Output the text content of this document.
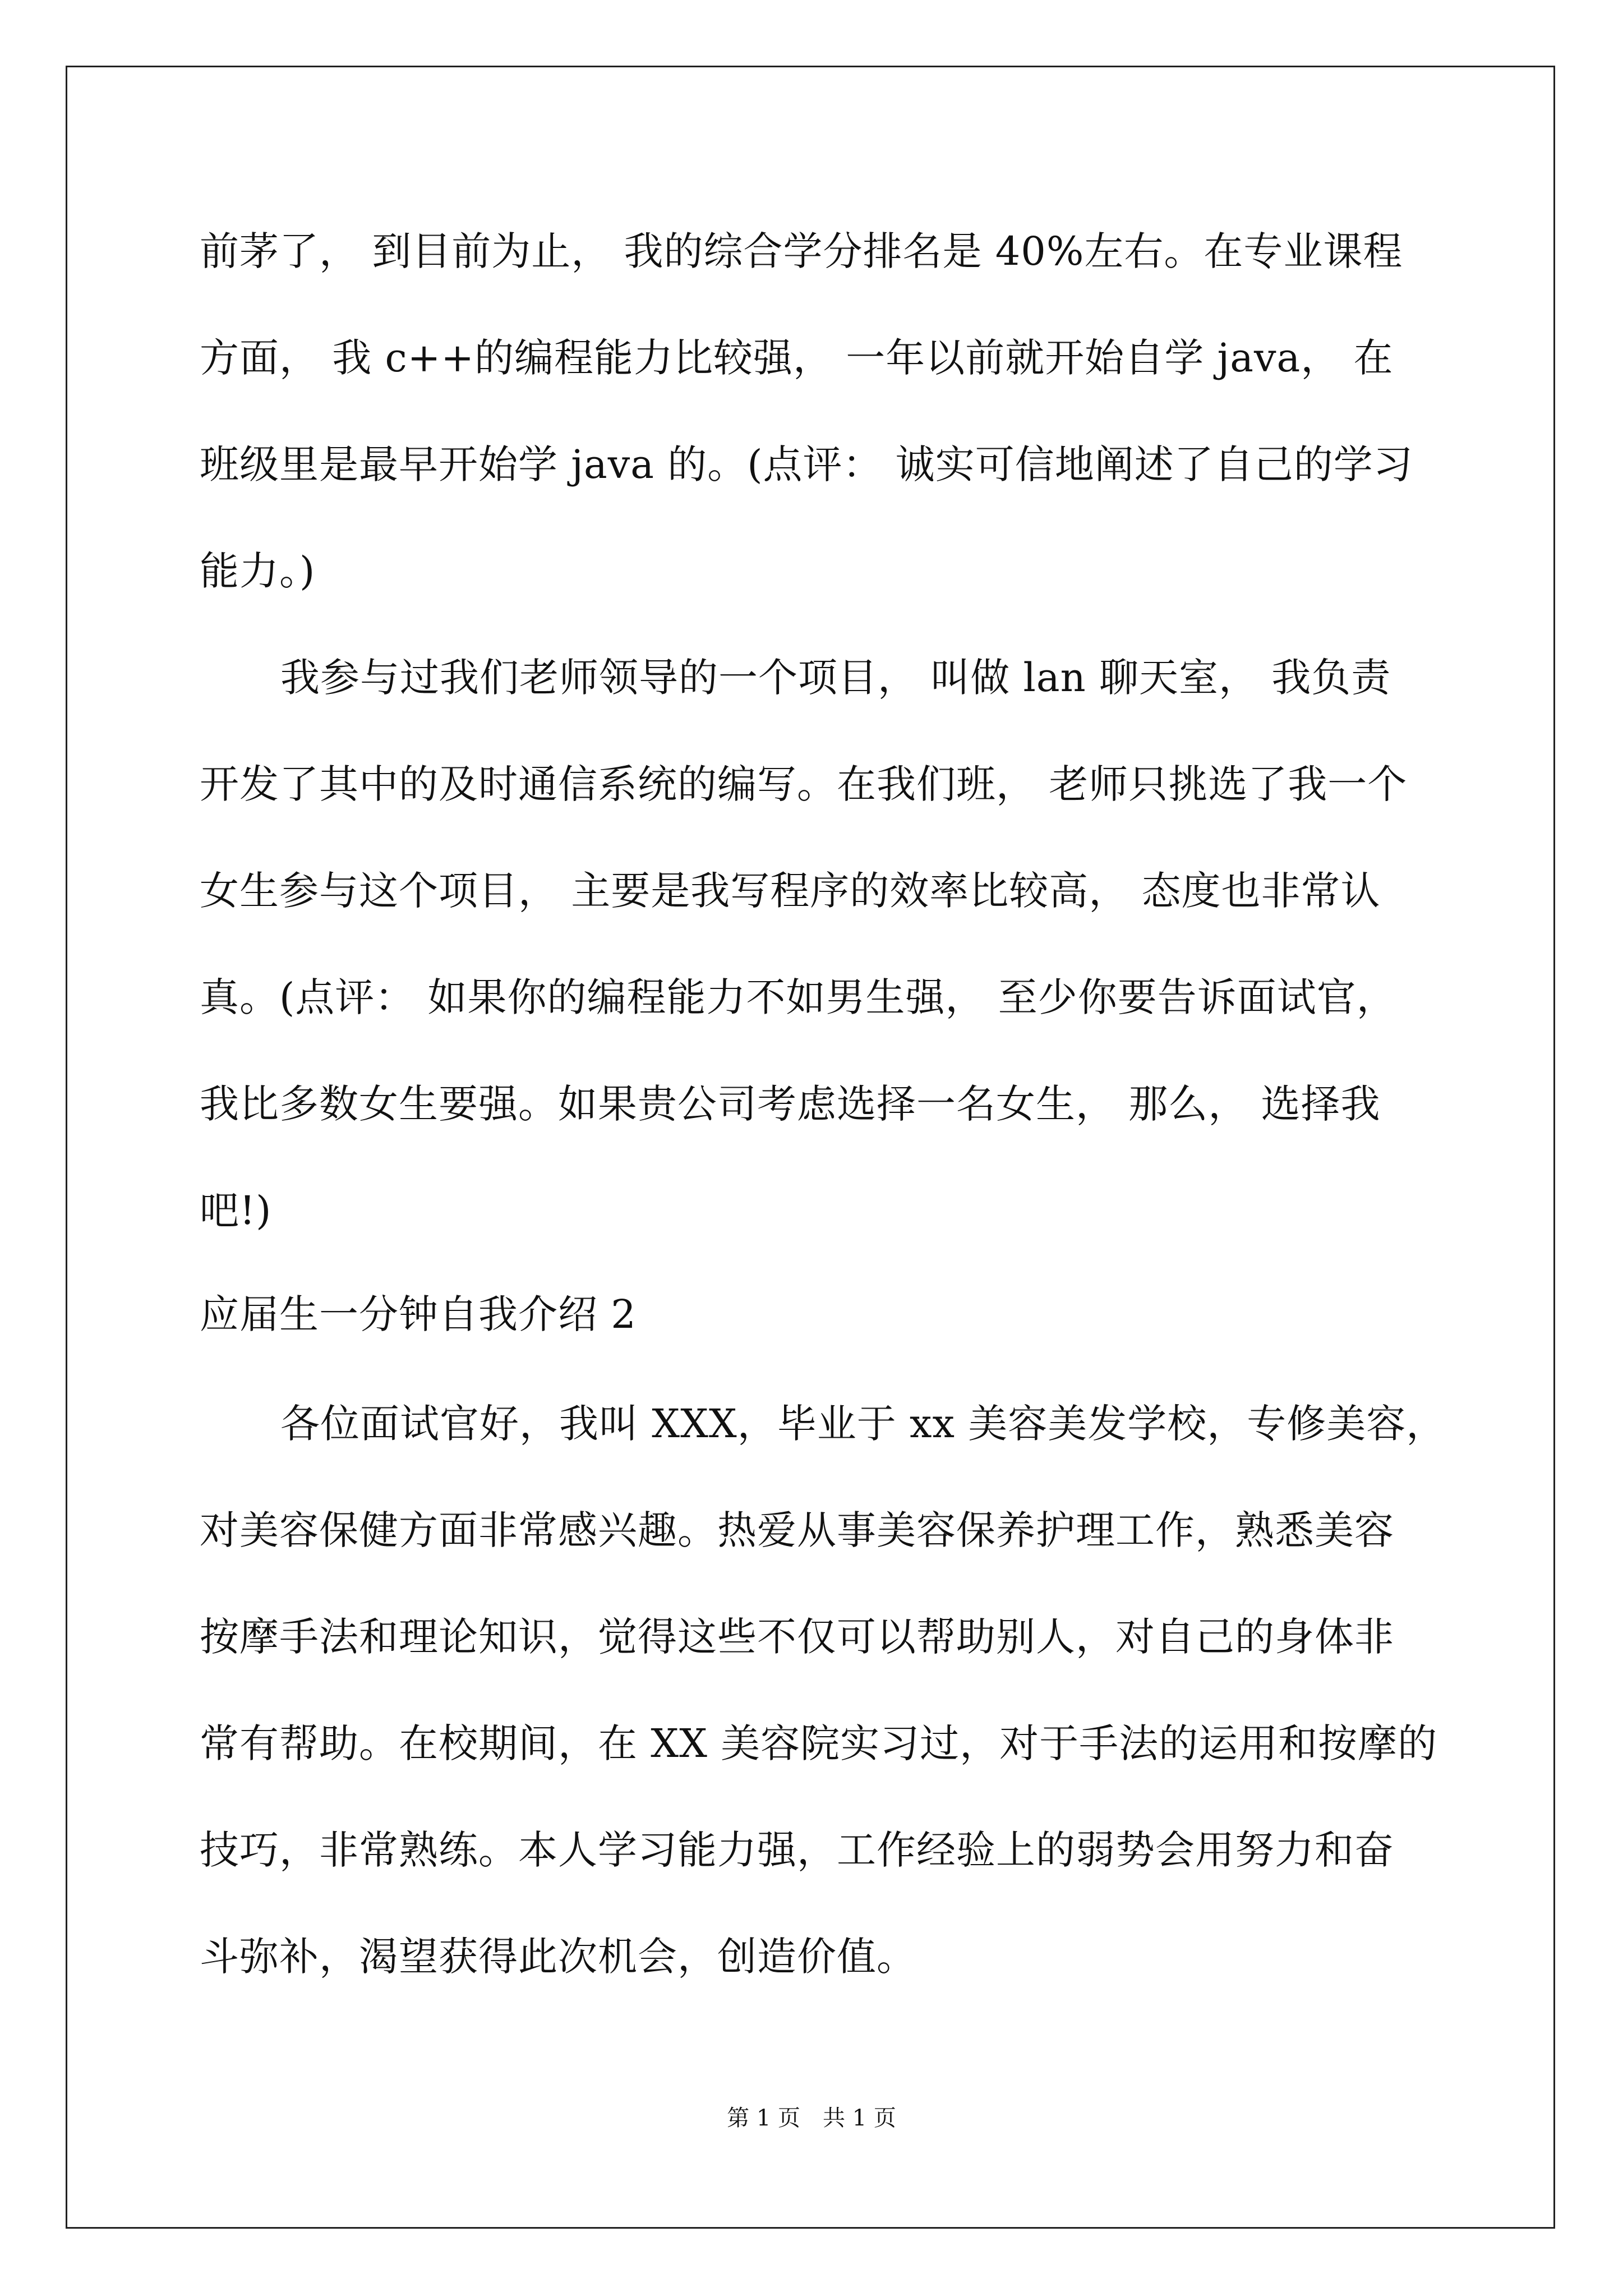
前茅了， 到目前为止， 我的综合学分排名是 40%左右。在专业课程
方面， 我 c++的编程能力比较强， 一年以前就开始自学 java， 在
班级里是最早开始学 java 的。(点评： 诚实可信地阐述了自己的学习
能力。)
我参与过我们老师领导的一个项目， 叫做 lan 聊天室， 我负责
开发了其中的及时通信系统的编写。在我们班， 老师只挑选了我一个
女生参与这个项目， 主要是我写程序的效率比较高， 态度也非常认
真。(点评： 如果你的编程能力不如男生强， 至少你要告诉面试官，
我比多数女生要强。如果贵公司考虑选择一名女生， 那么， 选择我
吧!)
应届生一分钟自我介绍 2
各位面试官好，我叫 XXX，毕业于 xx 美容美发学校，专修美容，
对美容保健方面非常感兴趣。热爱从事美容保养护理工作，熟悉美容
按摩手法和理论知识，觉得这些不仅可以帮助别人，对自己的身体非
常有帮助。在校期间，在 XX 美容院实习过，对于手法的运用和按摩的
技巧，非常熟练。本人学习能力强，工作经验上的弱势会用努力和奋
斗弥补，渴望获得此次机会，创造价值。
第 1 页 共 1 页
